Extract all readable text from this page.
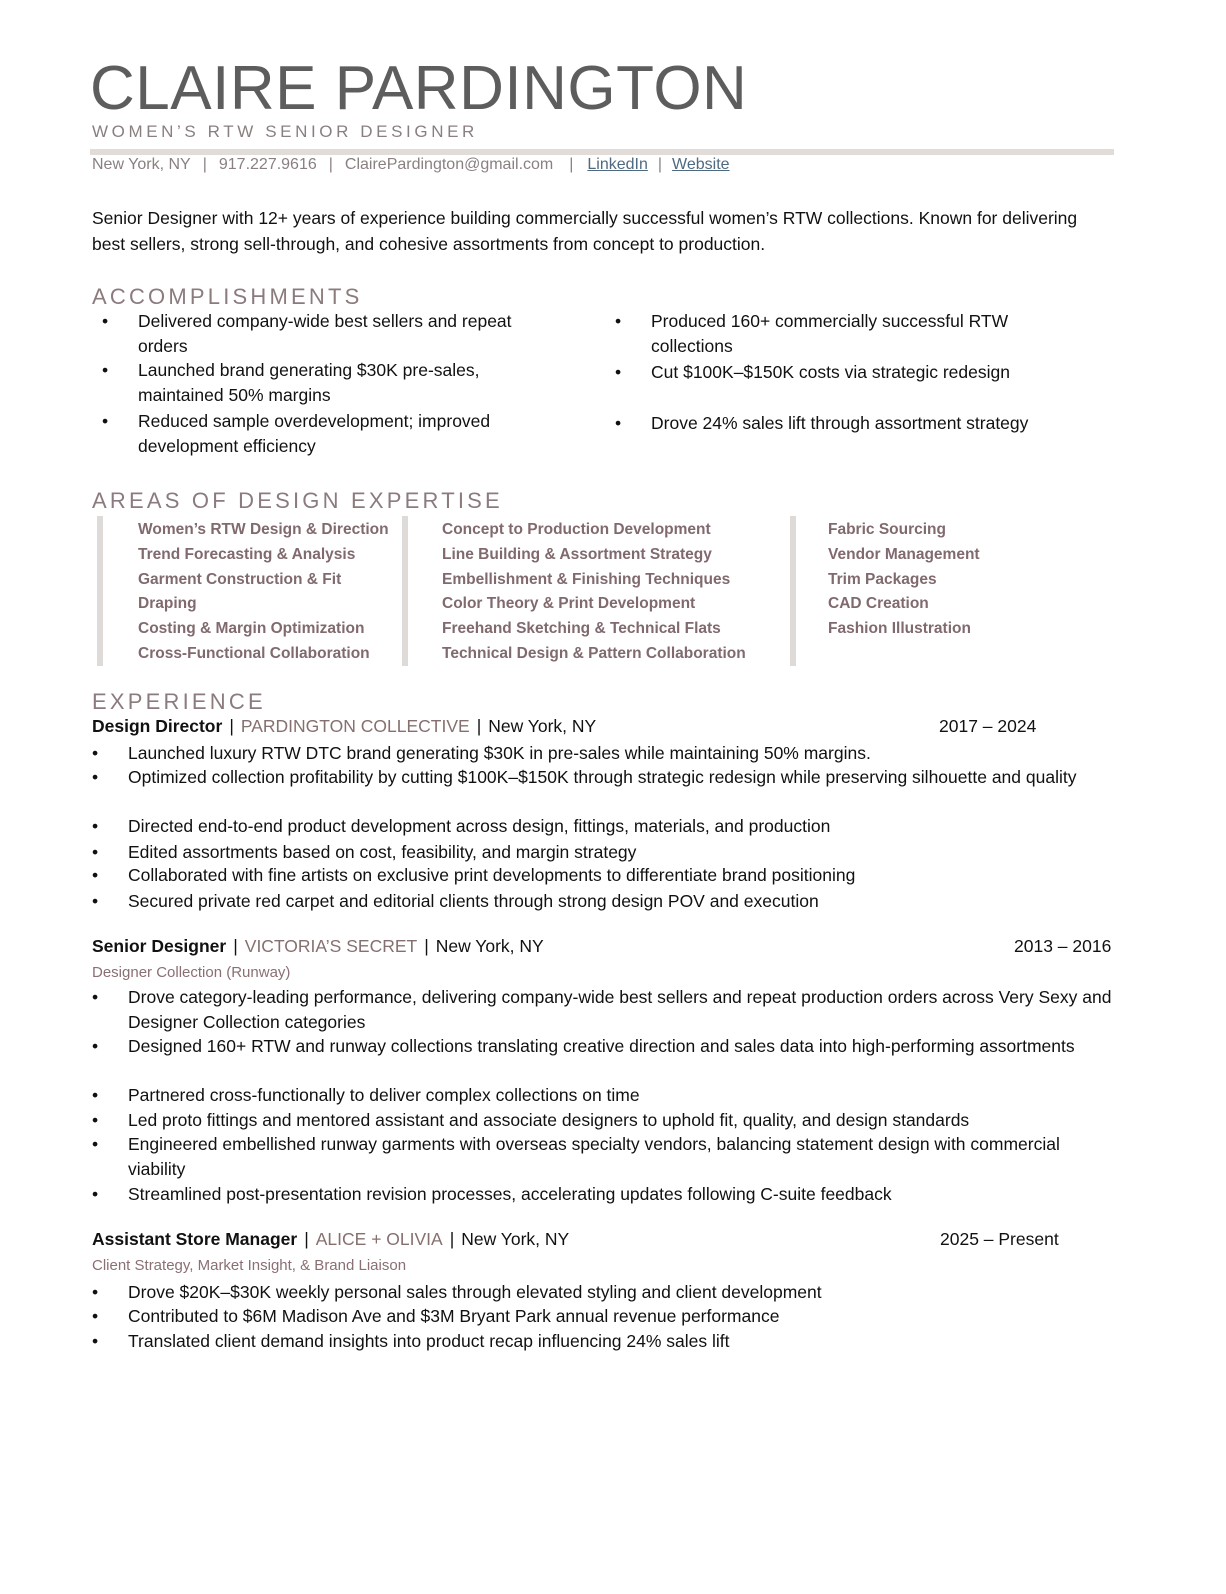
CLAIRE PARDINGTON
WOMEN’S RTW SENIOR DESIGNER
New York, NY | 917.227.9616 | ClairePardington@gmail.com | LinkedIn | Website
Senior Designer with 12+ years of experience building commercially successful women’s RTW collections. Known for delivering best sellers, strong sell-through, and cohesive assortments from concept to production.
ACCOMPLISHMENTS
• Delivered company-wide best sellers and repeat orders
• Launched brand generating $30K pre-sales, maintained 50% margins
• Reduced sample overdevelopment; improved development efficiency
• Produced 160+ commercially successful RTW collections
• Cut $100K–$150K costs via strategic redesign
• Drove 24% sales lift through assortment strategy
AREAS OF DESIGN EXPERTISE
Women’s RTW Design & Direction
Trend Forecasting & Analysis
Garment Construction & Fit
Draping
Costing & Margin Optimization
Cross-Functional Collaboration
Concept to Production Development
Line Building & Assortment Strategy
Embellishment & Finishing Techniques
Color Theory & Print Development
Freehand Sketching & Technical Flats
Technical Design & Pattern Collaboration
Fabric Sourcing
Vendor Management
Trim Packages
CAD Creation
Fashion Illustration
EXPERIENCE
Design Director | PARDINGTON COLLECTIVE | New York, NY	2017 – 2024
• Launched luxury RTW DTC brand generating $30K in pre-sales while maintaining 50% margins.
• Optimized collection profitability by cutting $100K–$150K through strategic redesign while preserving silhouette and quality
• Directed end-to-end product development across design, fittings, materials, and production
• Edited assortments based on cost, feasibility, and margin strategy
• Collaborated with fine artists on exclusive print developments to differentiate brand positioning
• Secured private red carpet and editorial clients through strong design POV and execution
Senior Designer | VICTORIA’S SECRET | New York, NY	2013 – 2016
Designer Collection (Runway)
• Drove category-leading performance, delivering company-wide best sellers and repeat production orders across Very Sexy and Designer Collection categories
• Designed 160+ RTW and runway collections translating creative direction and sales data into high-performing assortments
• Partnered cross-functionally to deliver complex collections on time
• Led proto fittings and mentored assistant and associate designers to uphold fit, quality, and design standards
• Engineered embellished runway garments with overseas specialty vendors, balancing statement design with commercial viability
• Streamlined post-presentation revision processes, accelerating updates following C-suite feedback
Assistant Store Manager | ALICE + OLIVIA | New York, NY	2025 – Present
Client Strategy, Market Insight, & Brand Liaison
• Drove $20K–$30K weekly personal sales through elevated styling and client development
• Contributed to $6M Madison Ave and $3M Bryant Park annual revenue performance
• Translated client demand insights into product recap influencing 24% sales lift
